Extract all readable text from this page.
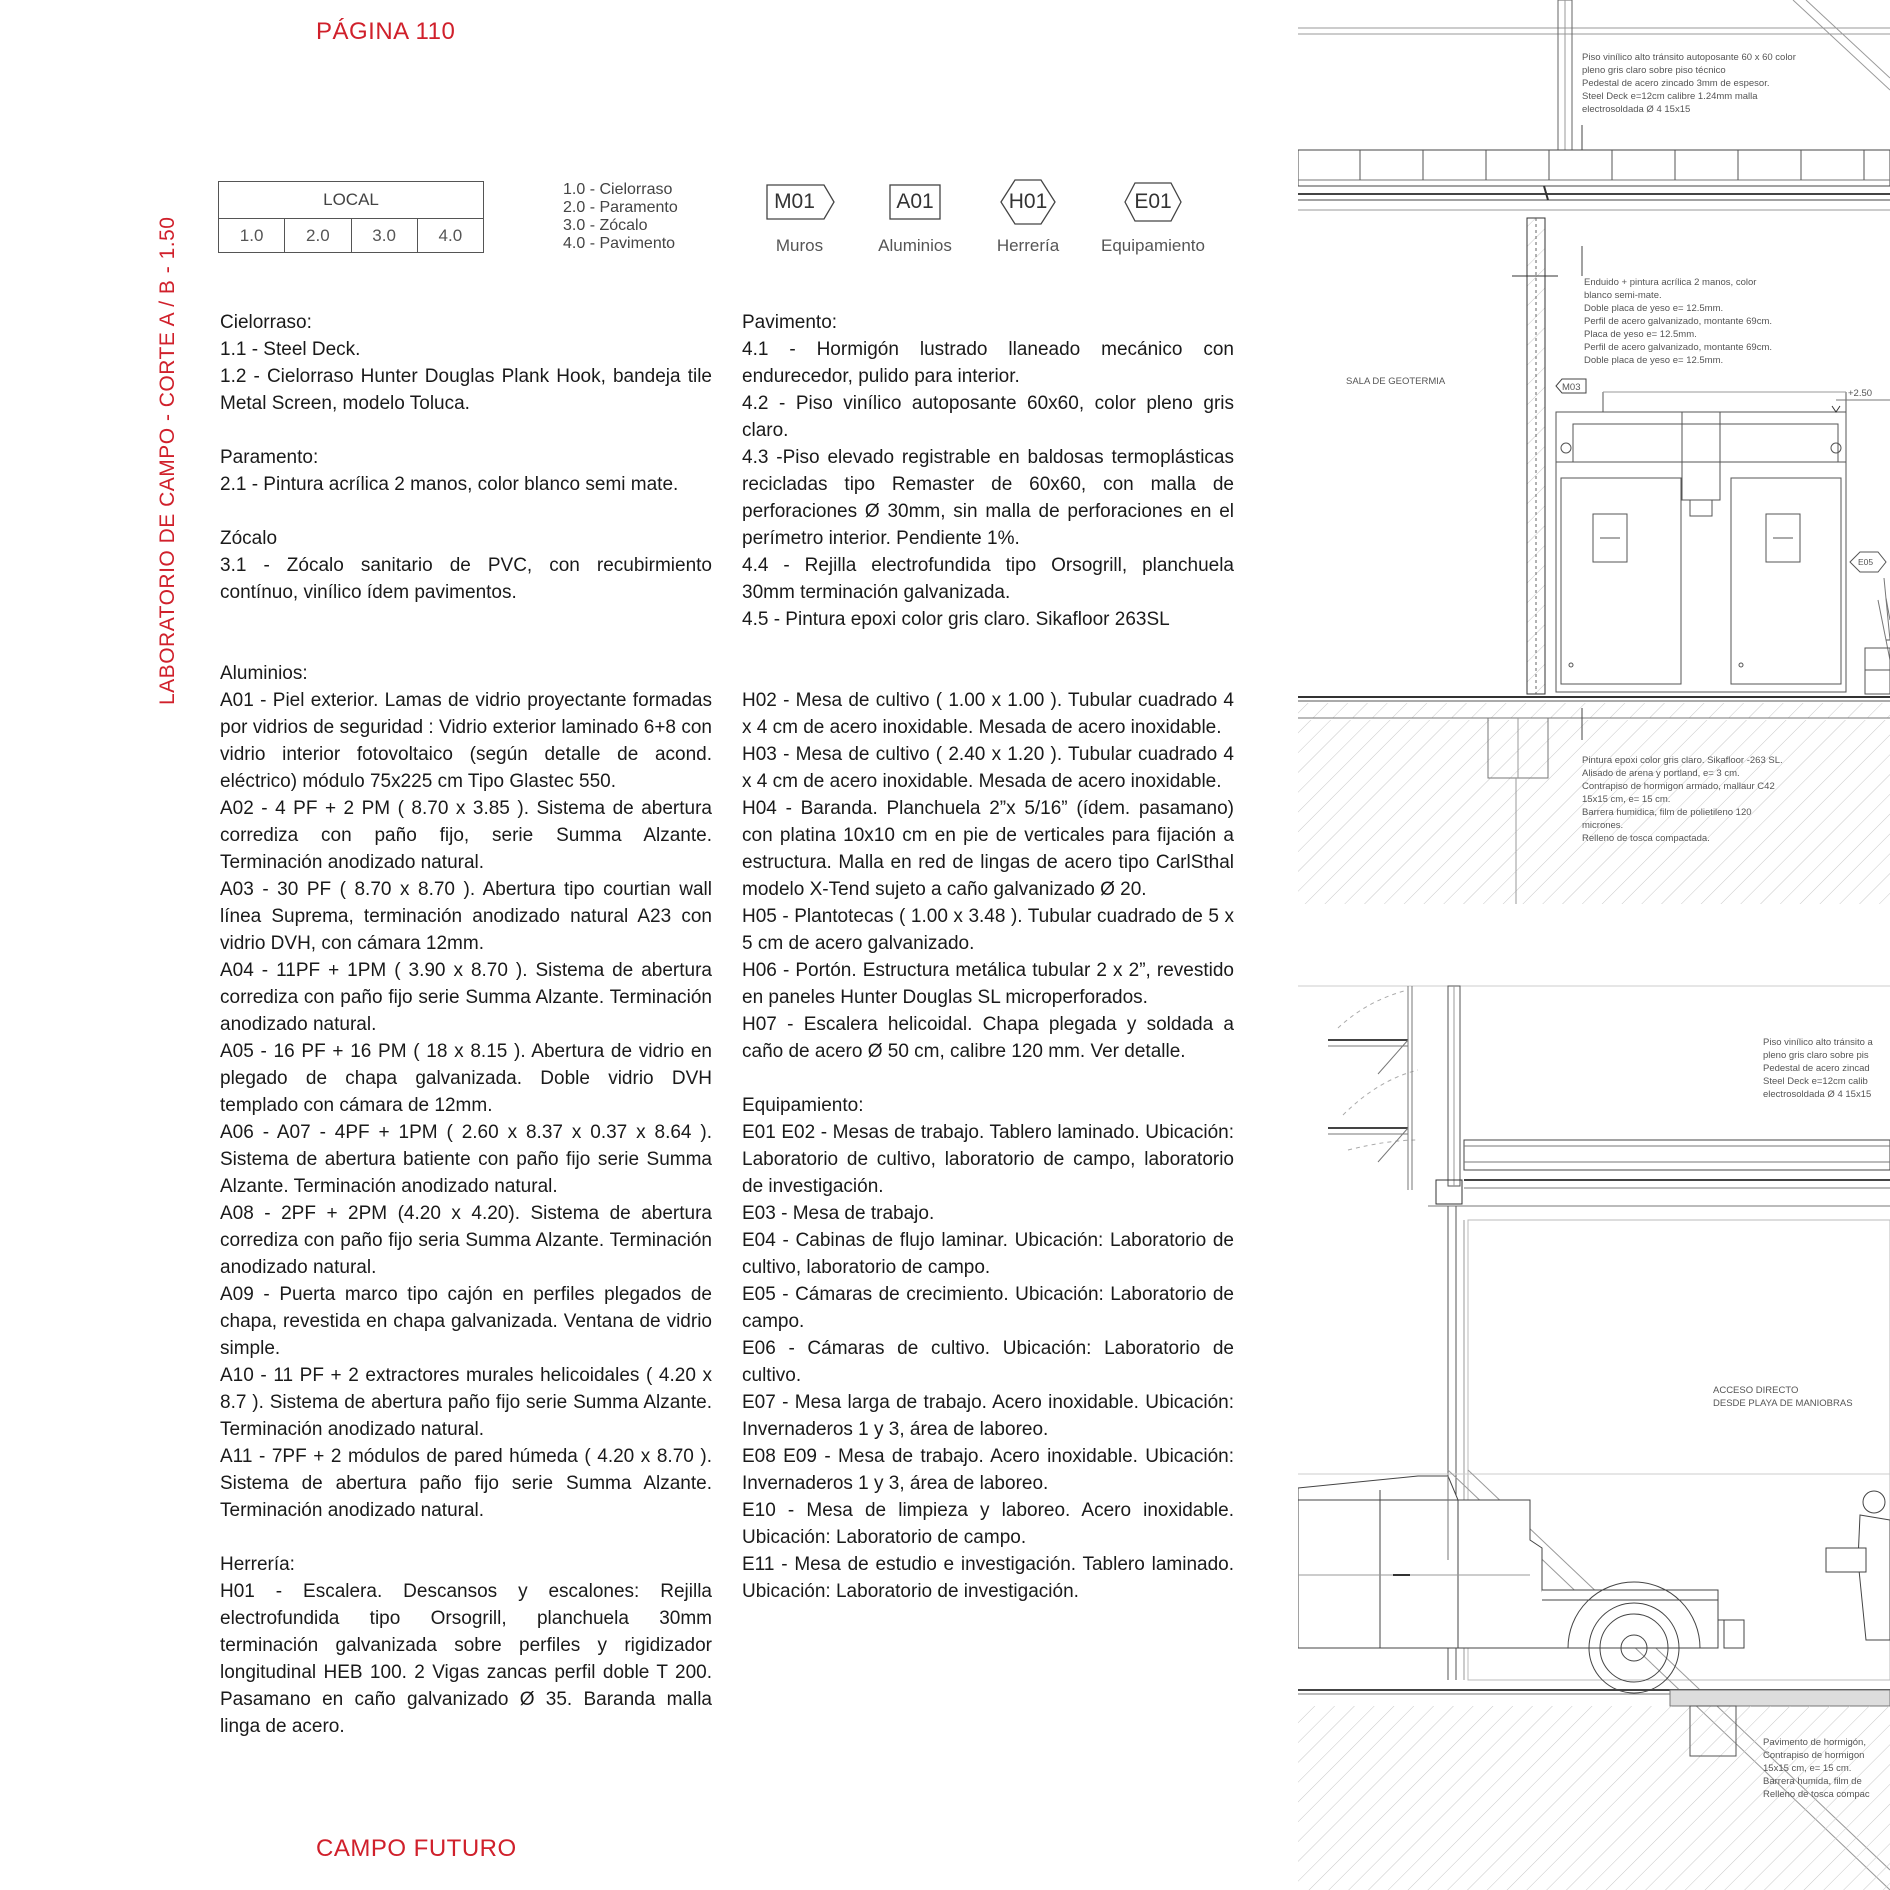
PÁGINA 110
LABORATORIO DE CAMPO - CORTE A / B - 1.50
LOCAL
1.0	2.0	3.0	4.0
1.0 - Cielorraso
2.0 - Paramento
3.0 - Zócalo
4.0 - Pavimento
M01
Muros
A01
Aluminios
H01
Herrería
E01
Equipamiento

Cielorraso:

1.1 - Steel Deck.

1.2 - Cielorraso Hunter Douglas Plank Hook, bandeja tile Metal Screen, modelo Toluca.

Paramento:

2.1 - Pintura acrílica 2 manos, color blanco semi mate.

Zócalo

3.1 - Zócalo sanitario de PVC, con recubirmiento contínuo, vinílico ídem pavimentos.

Aluminios:

A01 - Piel exterior. Lamas de vidrio proyectante formadas por vidrios de seguridad : Vidrio exterior laminado 6+8 con vidrio interior fotovoltaico (según detalle de acond. eléctrico) módulo 75x225 cm Tipo Glastec 550.

A02 - 4 PF + 2 PM ( 8.70 x 3.85 ). Sistema de abertura corrediza con paño fijo, serie Summa Alzante. Terminación anodizado natural.

A03 - 30 PF ( 8.70 x 8.70 ). Abertura tipo courtian wall línea Suprema, terminación anodizado natural A23 con vidrio DVH, con cámara 12mm.

A04 - 11PF + 1PM ( 3.90 x 8.70 ). Sistema de abertura corrediza con paño fijo serie Summa Alzante. Terminación anodizado natural.

A05 - 16 PF + 16 PM ( 18 x 8.15 ). Abertura de vidrio en plegado de chapa galvanizada. Doble vidrio DVH templado con cámara de 12mm.

A06 - A07 - 4PF + 1PM ( 2.60 x 8.37 x 0.37 x 8.64 ). Sistema de abertura batiente con paño fijo serie Summa Alzante. Terminación anodizado natural.

A08 - 2PF + 2PM (4.20 x 4.20). Sistema de abertura corrediza con paño fijo seria Summa Alzante. Terminación anodizado natural.

A09 - Puerta marco tipo cajón en perfiles plegados de chapa, revestida en chapa galvanizada. Ventana de vidrio simple.

A10 - 11 PF + 2 extractores murales helicoidales ( 4.20 x 8.7 ). Sistema de abertura paño fijo serie Summa Alzante. Terminación anodizado natural.

A11 - 7PF + 2 módulos de pared húmeda ( 4.20 x 8.70 ). Sistema de abertura paño fijo serie Summa Alzante. Terminación anodizado natural.

Herrería:

H01 - Escalera. Descansos y escalones: Rejilla electrofundida tipo Orsogrill, planchuela 30mm terminación galvanizada sobre perfiles y rigidizador longitudinal HEB 100. 2 Vigas zancas perfil doble T 200. Pasamano en caño galvanizado Ø 35. Baranda malla linga de acero.

Pavimento:

4.1 - Hormigón lustrado llaneado mecánico con endurecedor, pulido para interior.

4.2 - Piso vinílico autoposante 60x60, color pleno gris claro.

4.3 -Piso elevado registrable en baldosas termoplásticas recicladas tipo Remaster de 60x60, con malla de perforaciones Ø 30mm, sin malla de perforaciones en el perímetro interior. Pendiente 1%.

4.4 - Rejilla electrofundida tipo Orsogrill, planchuela 30mm terminación galvanizada.

4.5 - Pintura epoxi color gris claro. Sikafloor 263SL

H02 - Mesa de cultivo ( 1.00 x 1.00 ). Tubular cuadrado 4 x 4 cm de acero inoxidable. Mesada de acero inoxidable.

H03 - Mesa de cultivo ( 2.40 x 1.20 ). Tubular cuadrado 4 x 4 cm de acero inoxidable. Mesada de acero inoxidable.

H04 - Baranda. Planchuela 2”x 5/16” (ídem. pasamano) con platina 10x10 cm en pie de verticales para fijación a estructura. Malla en red de lingas de acero tipo CarlSthal modelo X-Tend sujeto a caño galvanizado Ø 20.

H05 - Plantotecas ( 1.00 x 3.48 ). Tubular cuadrado de 5 x 5 cm de acero galvanizado.

H06 - Portón. Estructura metálica tubular 2 x 2”, revestido en paneles Hunter Douglas SL microperforados.

H07 - Escalera helicoidal. Chapa plegada y soldada a caño de acero Ø 50 cm, calibre 120 mm. Ver detalle.

Equipamiento:

E01 E02 - Mesas de trabajo. Tablero laminado. Ubicación: Laboratorio de cultivo, laboratorio de campo, laboratorio de investigación.

E03 - Mesa de trabajo.

E04 - Cabinas de flujo laminar. Ubicación: Laboratorio de cultivo, laboratorio de campo.

E05 - Cámaras de crecimiento. Ubicación: Laboratorio de campo.

E06 - Cámaras de cultivo. Ubicación: Laboratorio de cultivo.

E07 - Mesa larga de trabajo. Acero inoxidable. Ubicación: Invernaderos 1 y 3, área de laboreo.

E08 E09 - Mesa de trabajo. Acero inoxidable. Ubicación: Invernaderos 1 y 3, área de laboreo.

E10 - Mesa de limpieza y laboreo. Acero inoxidable. Ubicación: Laboratorio de campo.

E11 - Mesa de estudio e investigación. Tablero laminado. Ubicación: Laboratorio de investigación.

CAMPO FUTURO
Piso vinílico alto tránsito autoposante 60 x 60 color
pleno gris claro sobre piso técnico
Pedestal de acero zincado 3mm de espesor.
Steel Deck e=12cm calibre 1.24mm malla
electrosoldada Ø 4 15x15
Enduido + pintura acrílica 2 manos, color
blanco semi-mate.
Doble placa de yeso e= 12.5mm.
Perfil de acero galvanizado, montante 69cm.
Placa de yeso e= 12.5mm.
Perfil de acero galvanizado, montante 69cm.
Doble placa de yeso e= 12.5mm.
SALA DE GEOTERMIA
M03
+2.50
E05
Pintura epoxi color gris claro. Sikafloor -263 SL.
Alisado de arena y portland, e= 3 cm.
Contrapiso de hormigon armado, mallaur C42
15x15 cm, e= 15 cm.
Barrera humidica, film de polietileno 120
micrones.
Relleno de tosca compactada.
Piso vinílico alto tránsito a
pleno gris claro sobre pis
Pedestal de acero zincad
Steel Deck e=12cm calib
electrosoldada Ø 4 15x15
ACCESO DIRECTO
DESDE PLAYA DE MANIOBRAS
Pavimento de hormigón,
Contrapiso de hormigon
15x15 cm, e= 15 cm.
Barrera humida, film de
Relleno de tosca compac
